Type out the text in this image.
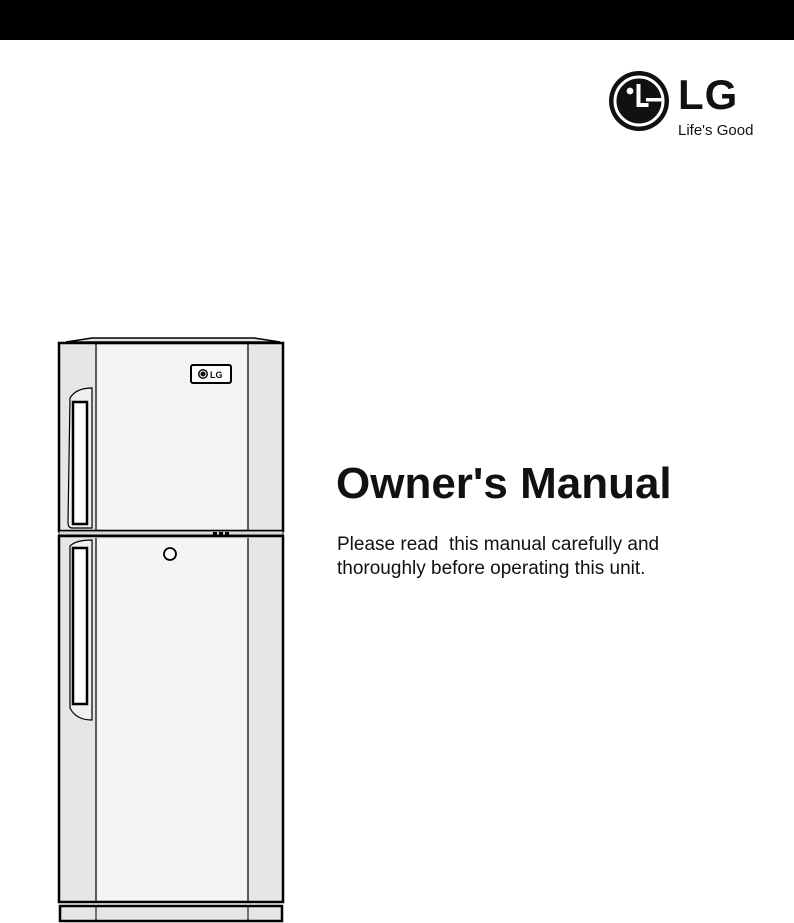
LG
Life's Good
LG
Owner's Manual

Please read  this manual carefully and
thoroughly before operating this unit.
